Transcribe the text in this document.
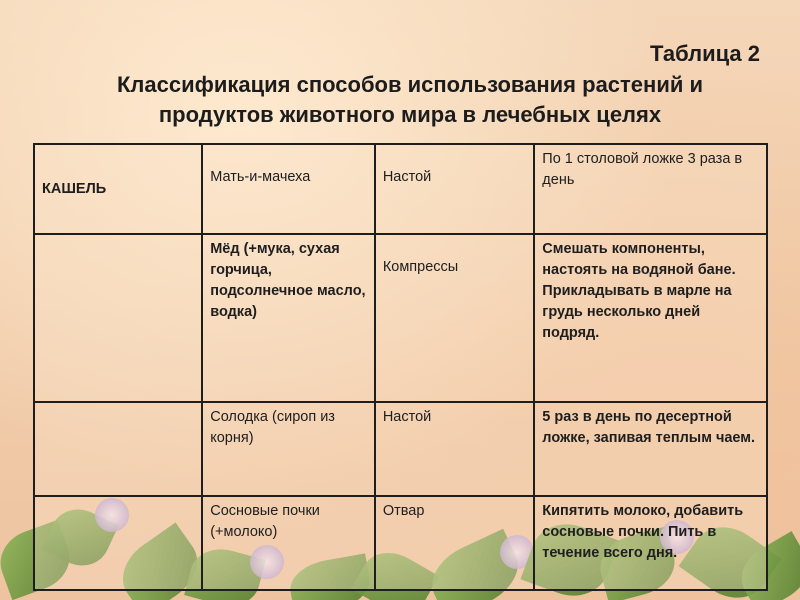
Таблица 2
Классификация способов использования растений и продуктов животного мира в лечебных целях
КАШЕЛЬ	Мать-и-мачеха	Настой	По 1 столовой ложке 3 раза в день
	Мёд (+мука, сухая горчица, подсолнечное масло, водка)	Компрессы	Смешать компоненты, настоять на водяной бане. Прикладывать в марле на грудь несколько дней подряд.
	Солодка (сироп из корня)	Настой	5 раз в день по десертной ложке, запивая теплым чаем.
	Сосновые почки (+молоко)	Отвар	Кипятить молоко, добавить сосновые почки. Пить в течение всего дня.
